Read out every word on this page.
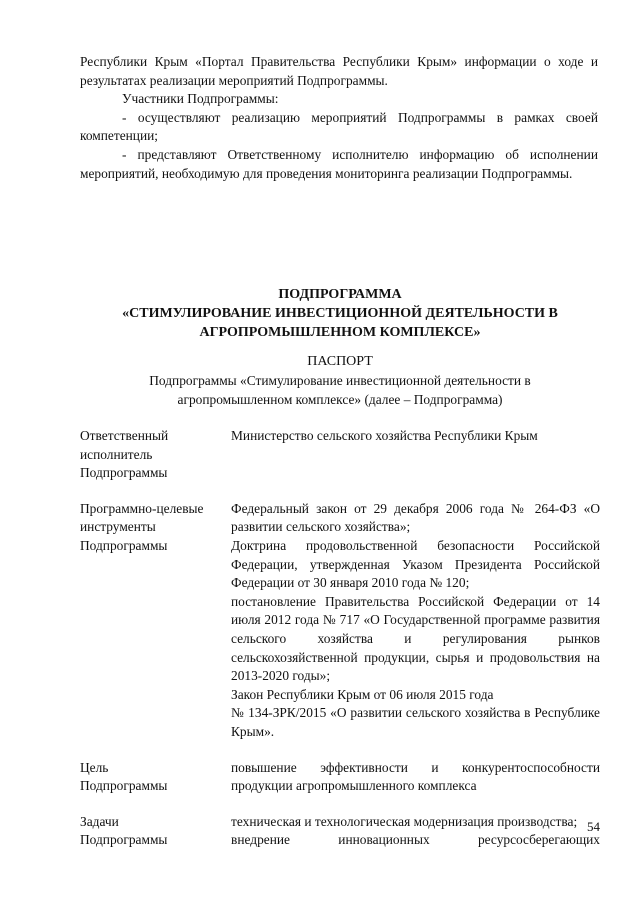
Республики Крым «Портал Правительства Республики Крым» информации о ходе и результатах реализации мероприятий Подпрограммы.

Участники Подпрограммы:

- осуществляют реализацию мероприятий Подпрограммы в рамках своей компетенции;

- представляют Ответственному исполнителю информацию об исполнении мероприятий, необходимую для проведения мониторинга реализации Подпрограммы.

ПОДПРОГРАММА
«СТИМУЛИРОВАНИЕ ИНВЕСТИЦИОННОЙ ДЕЯТЕЛЬНОСТИ В
АГРОПРОМЫШЛЕННОМ КОМПЛЕКСЕ»
ПАСПОРТ
Подпрограммы «Стимулирование инвестиционной деятельности в
агропромышленном комплексе» (далее – Подпрограмма)
Ответственный
исполнитель
Подпрограммы

Министерство сельского хозяйства Республики Крым

Программно-целевые
инструменты
Подпрограммы

Федеральный закон от 29 декабря 2006 года № 264-ФЗ «О развитии сельского хозяйства»;

Доктрина продовольственной безопасности Российской Федерации, утвержденная Указом Президента Российской Федерации от 30 января 2010 года № 120;

постановление Правительства Российской Федерации от 14 июля 2012 года № 717 «О Государственной программе развития сельского хозяйства и регулирования рынков сельскохозяйственной продукции, сырья и продовольствия на 2013-2020 годы»;

Закон Республики Крым от 06 июля 2015 года

№ 134-ЗРК/2015 «О развитии сельского хозяйства в Республике Крым».

Цель
Подпрограммы

повышение эффективности и конкурентоспособности продукции агропромышленного комплекса

Задачи
Подпрограммы

техническая и технологическая модернизация производства;

внедрение инновационных ресурсосберегающих

54
